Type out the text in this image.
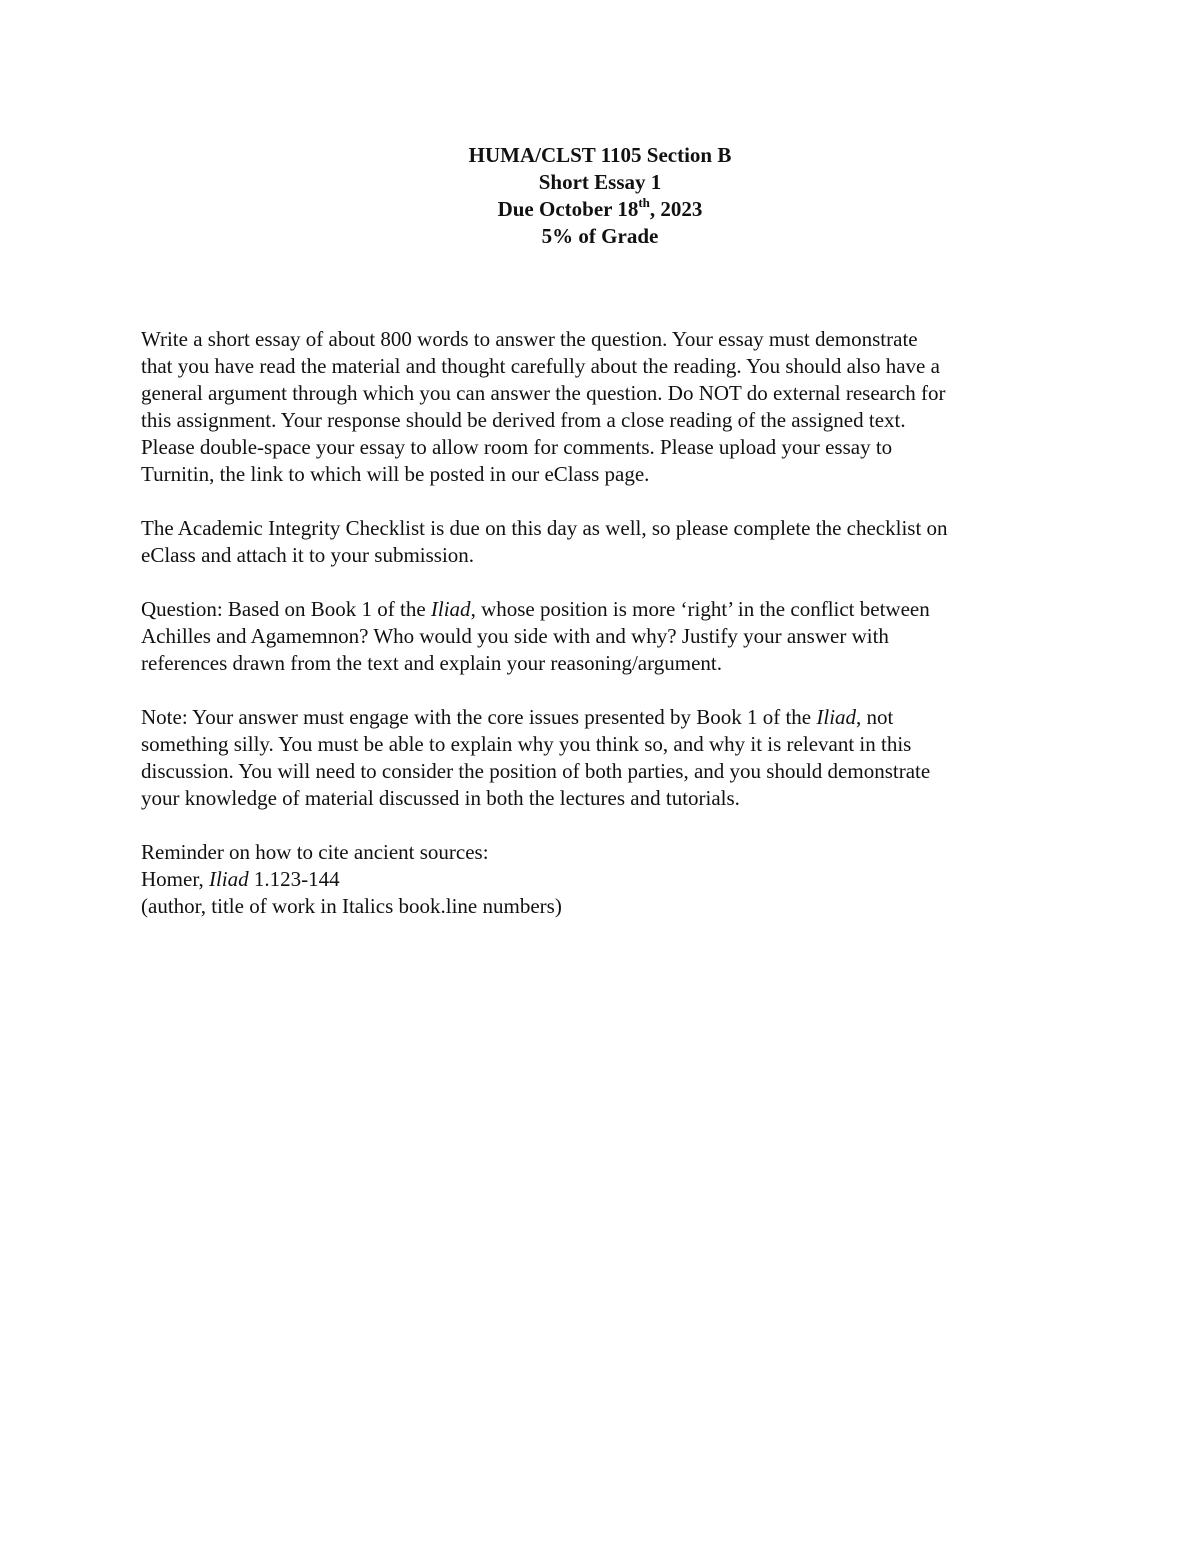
HUMA/CLST 1105 Section B
Short Essay 1
Due October 18th, 2023
5% of Grade

Write a short essay of about 800 words to answer the question. Your essay must demonstrate
that you have read the material and thought carefully about the reading. You should also have a
general argument through which you can answer the question. Do NOT do external research for
this assignment. Your response should be derived from a close reading of the assigned text.
Please double-space your essay to allow room for comments. Please upload your essay to
Turnitin, the link to which will be posted in our eClass page.

The Academic Integrity Checklist is due on this day as well, so please complete the checklist on
eClass and attach it to your submission.

Question: Based on Book 1 of the Iliad, whose position is more ‘right’ in the conflict between
Achilles and Agamemnon? Who would you side with and why? Justify your answer with
references drawn from the text and explain your reasoning/argument.

Note: Your answer must engage with the core issues presented by Book 1 of the Iliad, not
something silly. You must be able to explain why you think so, and why it is relevant in this
discussion. You will need to consider the position of both parties, and you should demonstrate
your knowledge of material discussed in both the lectures and tutorials.

Reminder on how to cite ancient sources:
Homer, Iliad 1.123-144
(author, title of work in Italics book.line numbers)
